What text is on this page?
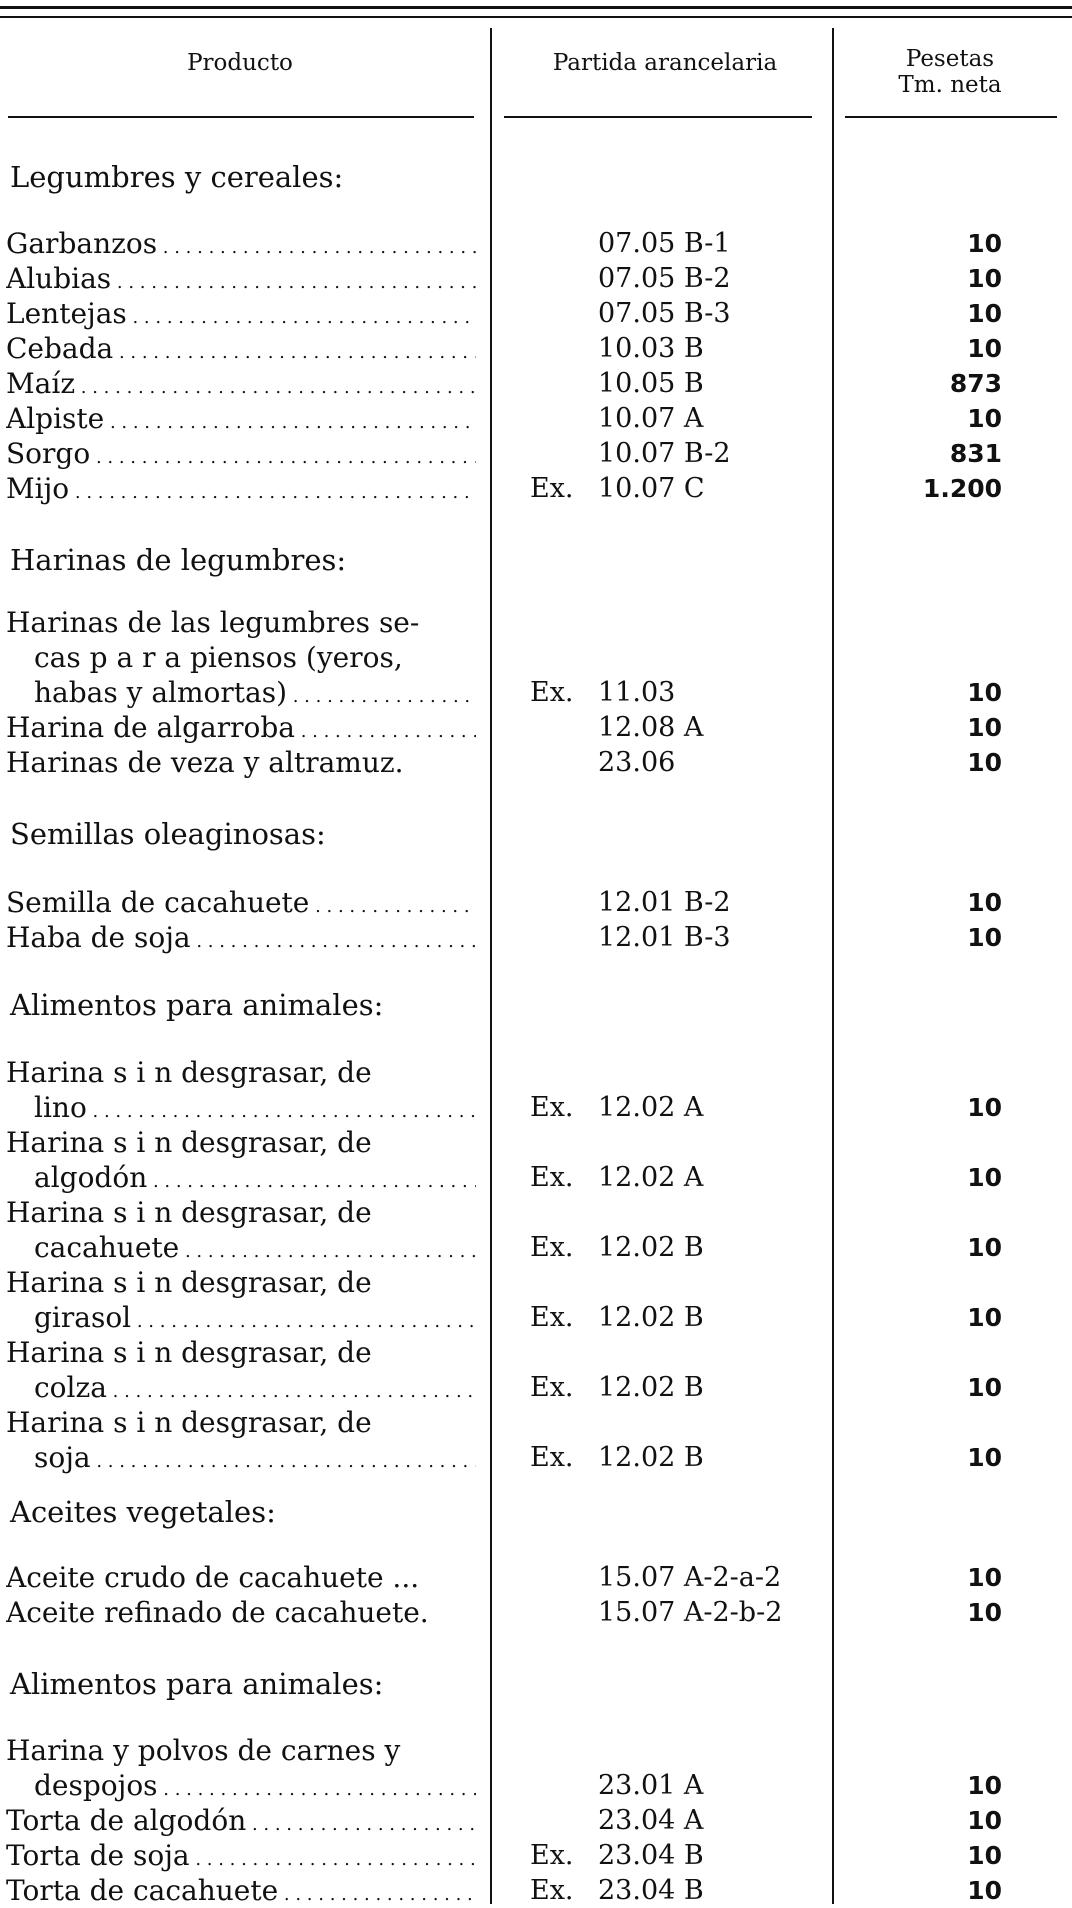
Producto	Partida arancelaria	Pesetas
Tm. neta
Legumbres y cereales:
Harinas de legumbres:
Semillas oleaginosas:
Alimentos para animales:
Aceites vegetales:
Alimentos para animales:
Garbanzos . . .	07.05 B-1	10
Alubias . . .	07.05 B-2	10
Lentejas . . .	07.05 B-3	10
Cebada . . .	10.03 B	10
Maíz . . .	10.05 B	873
Alpiste . . .	10.07 A	10
Sorgo . . .	10.07 B-2	831
Mijo . . .	Ex. 10.07 C	1.200
Harinas de las legumbres se-
cas p a r a piensos (yeros,
habas y almortas) . . .	Ex. 11.03	10
Harina de algarroba . . .	12.08 A	10
Harinas de veza y altramuz.	23.06	10
Semilla de cacahuete . . .	12.01 B-2	10
Haba de soja . . .	12.01 B-3	10
Harina s i n desgrasar, de
lino . . .	Ex. 12.02 A	10
Harina s i n desgrasar, de
algodón . . .	Ex. 12.02 A	10
Harina s i n desgrasar, de
cacahuete . . .	Ex. 12.02 B	10
Harina s i n desgrasar, de
girasol . . .	Ex. 12.02 B	10
Harina s i n desgrasar, de
colza . . .	Ex. 12.02 B	10
Harina s i n desgrasar, de
soja . . .	Ex. 12.02 B	10
Aceite crudo de cacahuete ...	15.07 A-2-a-2	10
Aceite refinado de cacahuete.	15.07 A-2-b-2	10
Harina y polvos de carnes y
despojos . . .	23.01 A	10
Torta de algodón . . .	23.04 A	10
Torta de soja . . .	Ex. 23.04 B	10
Torta de cacahuete . . .	Ex. 23.04 B	10
